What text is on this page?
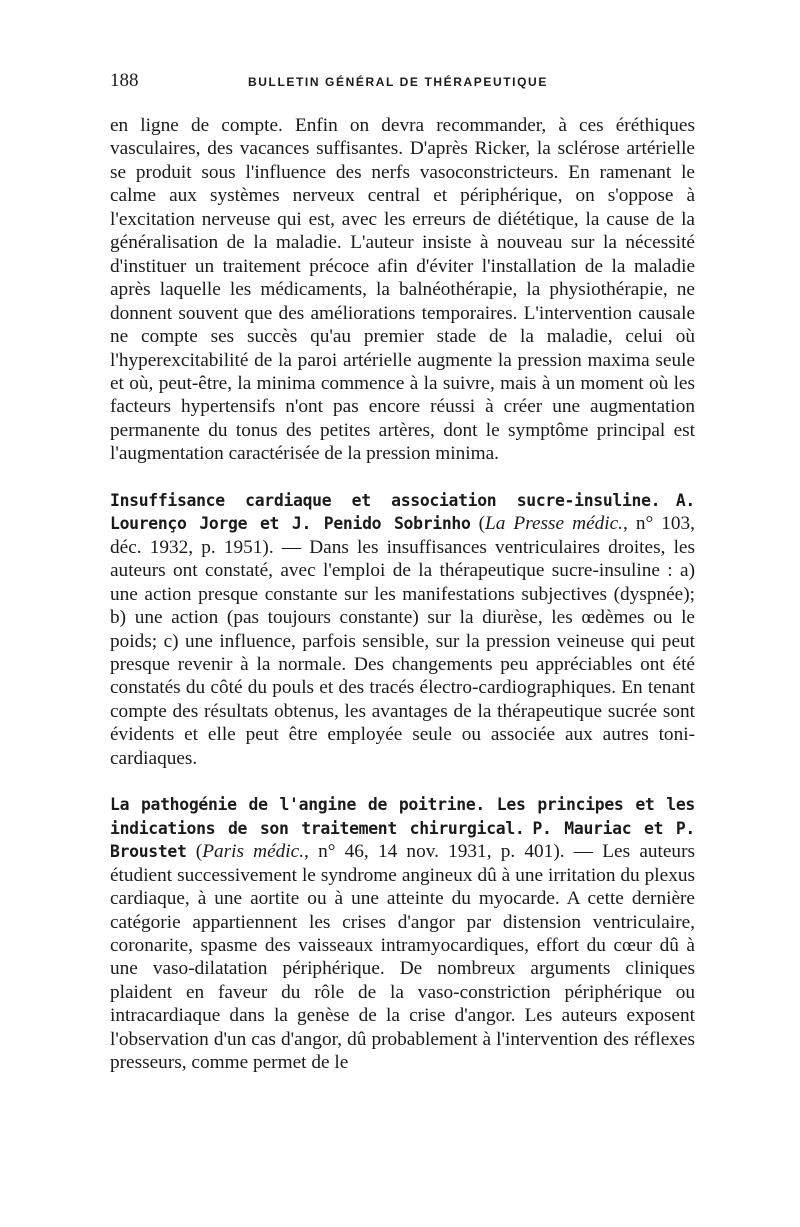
188	BULLETIN GÉNÉRAL DE THÉRAPEUTIQUE

en ligne de compte. Enfin on devra recommander, à ces éréthiques vasculaires, des vacances suffisantes. D'après Ricker, la sclérose artérielle se produit sous l'influence des nerfs vasoconstricteurs. En ramenant le calme aux systèmes nerveux central et périphérique, on s'oppose à l'excitation nerveuse qui est, avec les erreurs de diététique, la cause de la généralisation de la maladie. L'auteur insiste à nouveau sur la nécessité d'instituer un traitement précoce afin d'éviter l'installation de la maladie après laquelle les médicaments, la balnéothérapie, la physiothérapie, ne donnent souvent que des améliorations temporaires. L'intervention causale ne compte ses succès qu'au premier stade de la maladie, celui où l'hyperexcitabilité de la paroi artérielle augmente la pression maxima seule et où, peut-être, la minima commence à la suivre, mais à un moment où les facteurs hypertensifs n'ont pas encore réussi à créer une augmentation permanente du tonus des petites artères, dont le symptôme principal est l'augmentation caractérisée de la pression minima.

Insuffisance cardiaque et association sucre-insuline. A. Lourenço Jorge et J. Penido Sobrinho (La Presse médic., n° 103, déc. 1932, p. 1951). — Dans les insuffisances ventriculaires droites, les auteurs ont constaté, avec l'emploi de la thérapeutique sucre-insuline : a) une action presque constante sur les manifestations subjectives (dyspnée); b) une action (pas toujours constante) sur la diurèse, les œdèmes ou le poids; c) une influence, parfois sensible, sur la pression veineuse qui peut presque revenir à la normale. Des changements peu appréciables ont été constatés du côté du pouls et des tracés électro-cardiographiques. En tenant compte des résultats obtenus, les avantages de la thérapeutique sucrée sont évidents et elle peut être employée seule ou associée aux autres toni-cardiaques.

La pathogénie de l'angine de poitrine. Les principes et les indications de son traitement chirurgical. P. Mauriac et P. Broustet (Paris médic., n° 46, 14 nov. 1931, p. 401). — Les auteurs étudient successivement le syndrome angineux dû à une irritation du plexus cardiaque, à une aortite ou à une atteinte du myocarde. A cette dernière catégorie appartiennent les crises d'angor par distension ventriculaire, coronarite, spasme des vaisseaux intramyocardiques, effort du cœur dû à une vaso-dilatation périphérique. De nombreux arguments cliniques plaident en faveur du rôle de la vaso-constriction périphérique ou intracardiaque dans la genèse de la crise d'angor. Les auteurs exposent l'observation d'un cas d'angor, dû probablement à l'intervention des réflexes presseurs, comme permet de le
